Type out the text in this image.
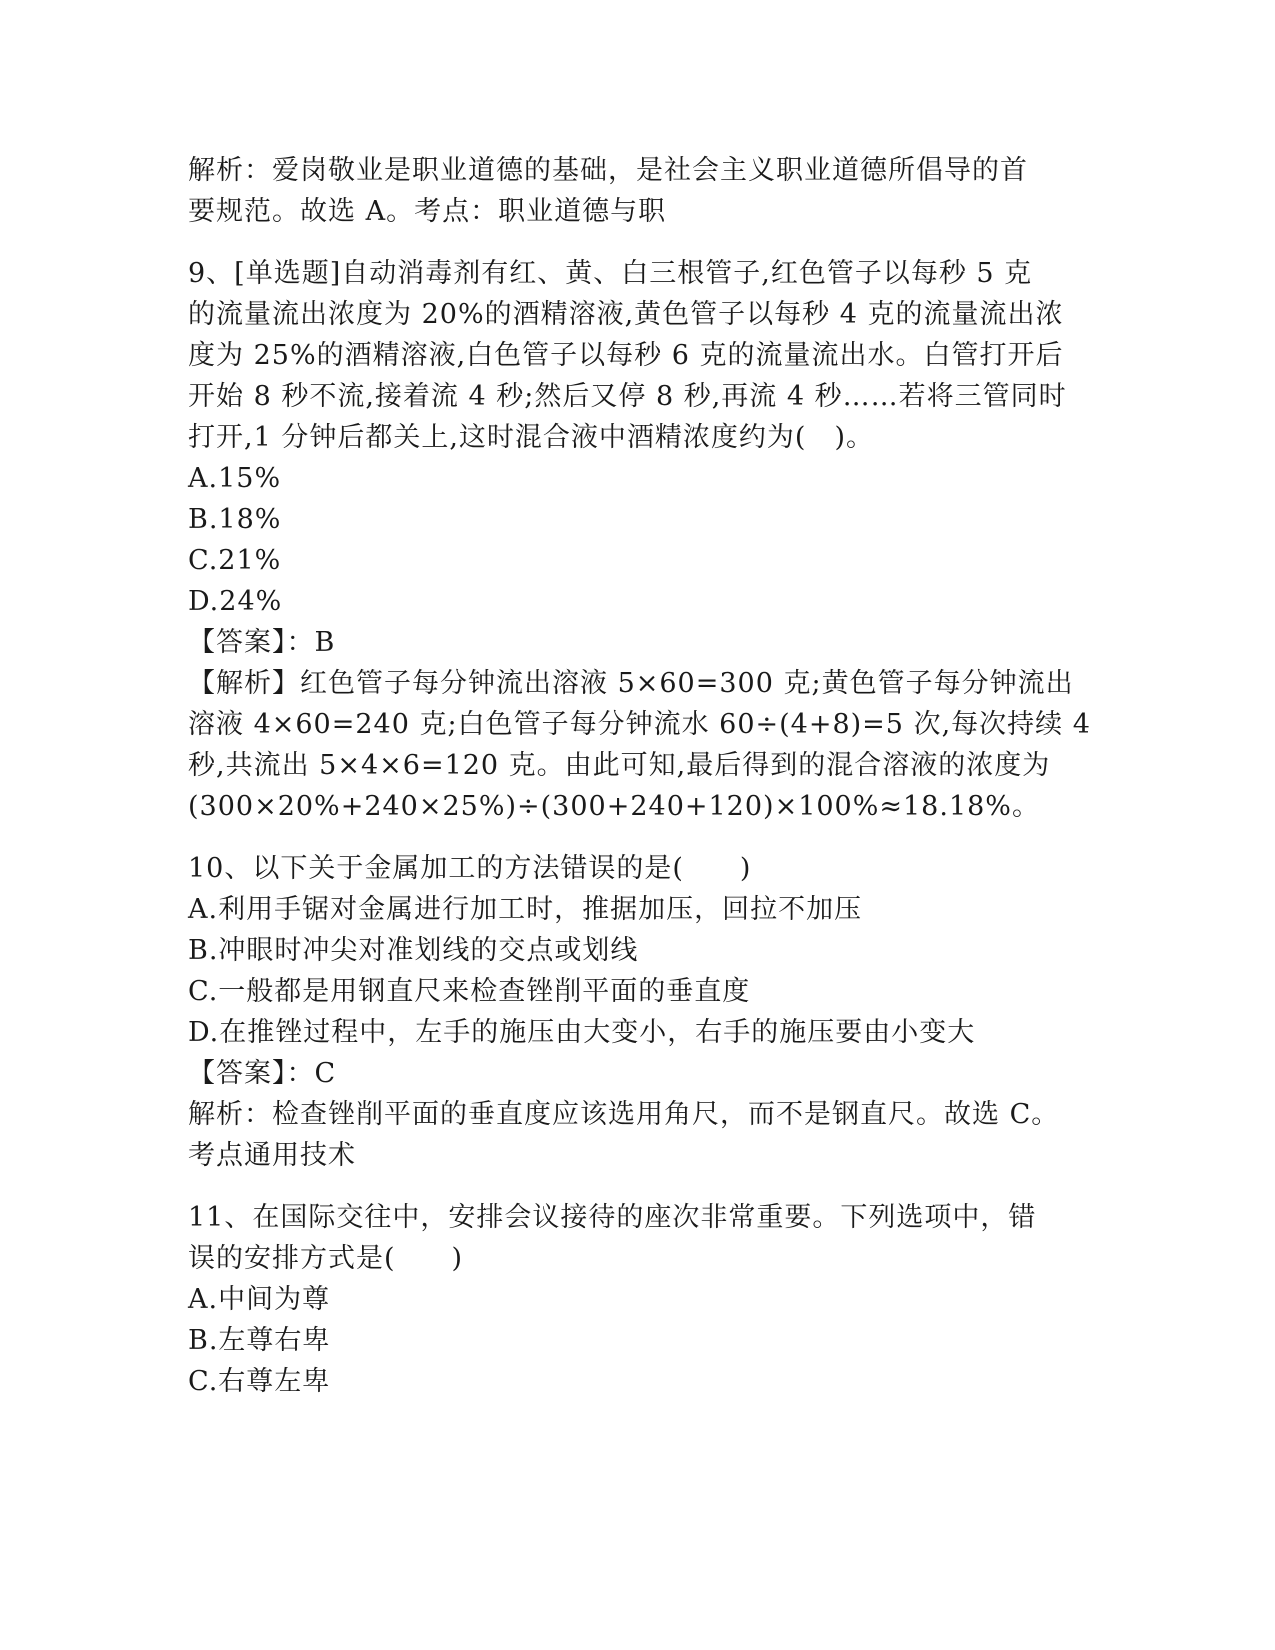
解析：爱岗敬业是职业道德的基础，是社会主义职业道德所倡导的首
要规范。故选 A。考点：职业道德与职
9、[单选题]自动消毒剂有红、黄、白三根管子,红色管子以每秒 5 克
的流量流出浓度为 20%的酒精溶液,黄色管子以每秒 4 克的流量流出浓
度为 25%的酒精溶液,白色管子以每秒 6 克的流量流出水。白管打开后
开始 8 秒不流,接着流 4 秒;然后又停 8 秒,再流 4 秒……若将三管同时
打开,1 分钟后都关上,这时混合液中酒精浓度约为(　)。
A.15%
B.18%
C.21%
D.24%
【答案】：B
【解析】红色管子每分钟流出溶液 5×60=300 克;黄色管子每分钟流出
溶液 4×60=240 克;白色管子每分钟流水 60÷(4+8)=5 次,每次持续 4
秒,共流出 5×4×6=120 克。由此可知,最后得到的混合溶液的浓度为
(300×20%+240×25%)÷(300+240+120)×100%≈18.18%。
10、以下关于金属加工的方法错误的是(　　)
A.利用手锯对金属进行加工时，推据加压，回拉不加压
B.冲眼时冲尖对准划线的交点或划线
C.一般都是用钢直尺来检查锉削平面的垂直度
D.在推锉过程中，左手的施压由大变小，右手的施压要由小变大
【答案】：C
解析：检查锉削平面的垂直度应该选用角尺，而不是钢直尺。故选 C。
考点通用技术
11、在国际交往中，安排会议接待的座次非常重要。下列选项中，错
误的安排方式是(　　)
A.中间为尊
B.左尊右卑
C.右尊左卑
